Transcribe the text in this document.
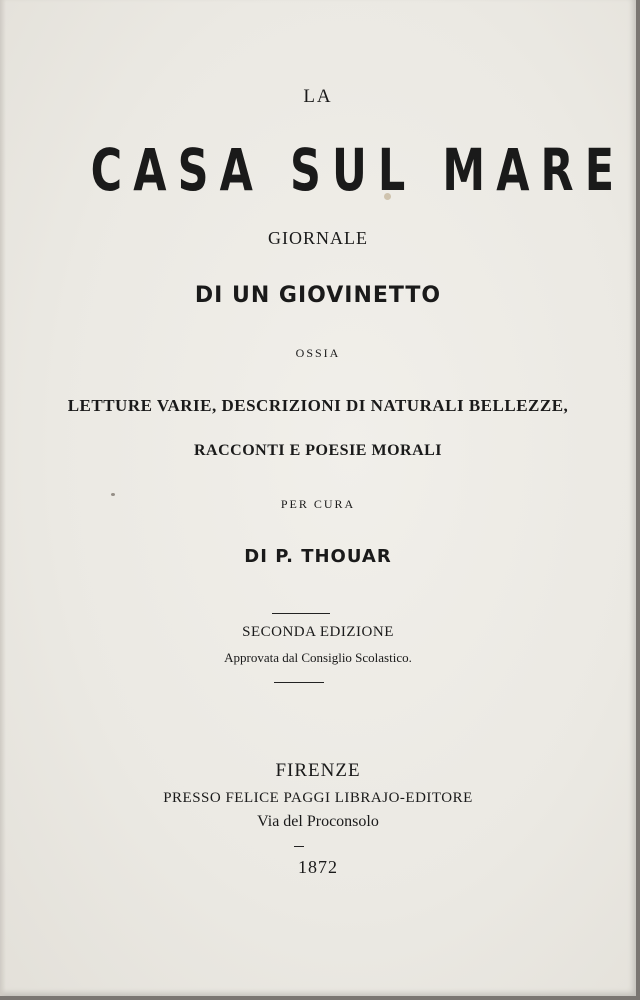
LA
CASA SUL MARE
GIORNALE
DI UN GIOVINETTO
OSSIA
LETTURE VARIE, DESCRIZIONI DI NATURALI BELLEZZE,
RACCONTI E POESIE MORALI
PER CURA
DI P. THOUAR
SECONDA EDIZIONE
Approvata dal Consiglio Scolastico.
FIRENZE
PRESSO FELICE PAGGI LIBRAJO-EDITORE
Via del Proconsolo
1872
